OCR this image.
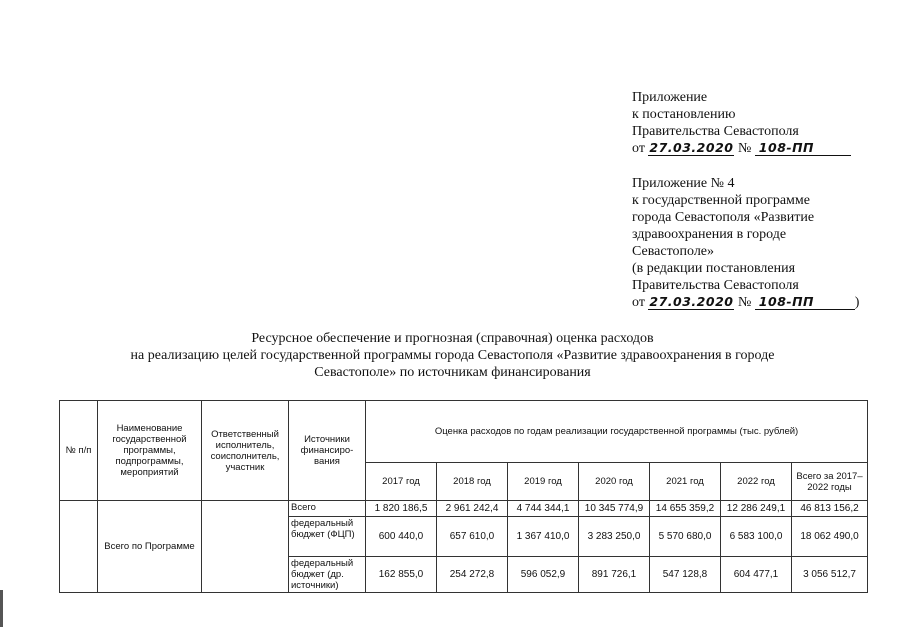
Приложение
к постановлению
Правительства Севастополя
от 27.03.2020 № 108-ПП
Приложение № 4
к государственной программе
города Севастополя «Развитие
здравоохранения в городе
Севастополе»
(в редакции постановления
Правительства Севастополя
от 27.03.2020 № 108-ПП	)
Ресурсное обеспечение и прогнозная (справочная) оценка расходов
на реализацию целей государственной программы города Севастополя «Развитие здравоохранения в городе
Севастополе» по источникам финансирования
№ п/п	Наименование государственной программы, подпрограммы, мероприятий	Ответственный исполнитель, соисполнитель, участник	Источники финансиро-вания	Оценка расходов по годам реализации государственной программы (тыс. рублей)						
				2017 год	2018 год	2019 год	2020 год	2021 год	2022 год	Всего за 2017–2022 годы
	Всего по Программе		Всего	1 820 186,5	2 961 242,4	4 744 344,1	10 345 774,9	14 655 359,2	12 286 249,1	46 813 156,2
			федеральный бюджет (ФЦП)	600 440,0	657 610,0	1 367 410,0	3 283 250,0	5 570 680,0	6 583 100,0	18 062 490,0
			федеральный бюджет (др. источники)	162 855,0	254 272,8	596 052,9	891 726,1	547 128,8	604 477,1	3 056 512,7
